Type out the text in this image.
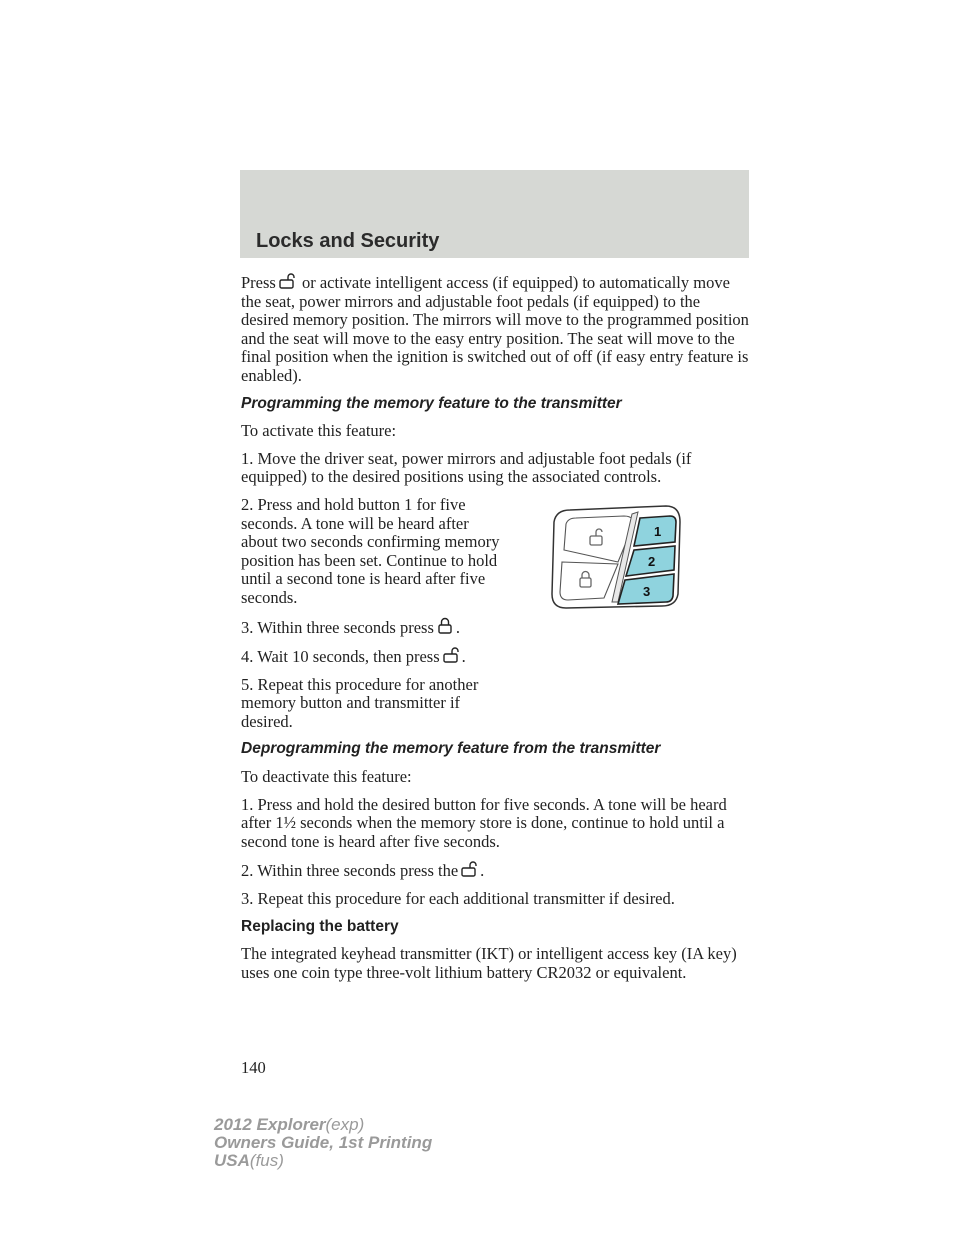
Locks and Security

Press or activate intelligent access (if equipped) to automatically move the seat, power mirrors and adjustable foot pedals (if equipped) to the desired memory position. The mirrors will move to the programmed position and the seat will move to the easy entry position. The seat will move to the final position when the ignition is switched out of off (if easy entry feature is enabled).

Programming the memory feature to the transmitter

To activate this feature:

1. Move the driver seat, power mirrors and adjustable foot pedals (if equipped) to the desired positions using the associated controls.

2. Press and hold button 1 for five seconds. A tone will be heard after about two seconds confirming memory position has been set. Continue to hold until a second tone is heard after five seconds.

3. Within three seconds press .

4. Wait 10 seconds, then press .

5. Repeat this procedure for another memory button and transmitter if desired.

Deprogramming the memory feature from the transmitter

To deactivate this feature:

1. Press and hold the desired button for five seconds. A tone will be heard after 1½ seconds when the memory store is done, continue to hold until a second tone is heard after five seconds.

2. Within three seconds press the .

3. Repeat this procedure for each additional transmitter if desired.

Replacing the battery

The integrated keyhead transmitter (IKT) or intelligent access key (IA key) uses one coin type three-volt lithium battery CR2032 or equivalent.

1
2
3
140
2012 Explorer(exp)
Owners Guide, 1st Printing
USA(fus)
